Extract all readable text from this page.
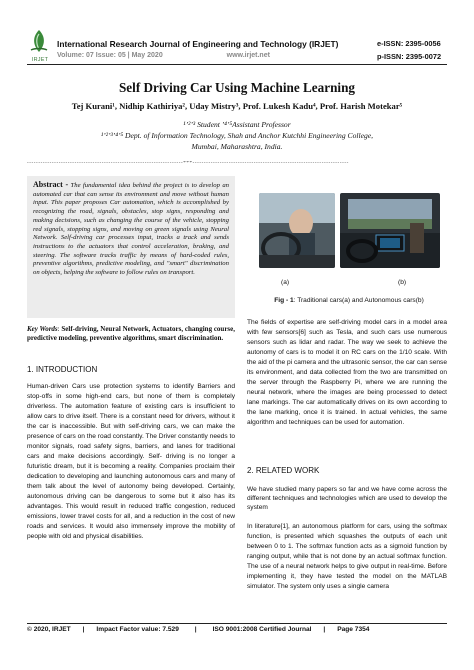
IRJET
International Research Journal of Engineering and Technology (IRJET)
Volume: 07 Issue: 05 | May 2020	www.irjet.net
e-ISSN: 2395-0056
p-ISSN: 2395-0072
Self Driving Car Using Machine Learning
Tej Kurani¹, Nidhip Kathiriya², Uday Mistry³, Prof. Lukesh Kadu⁴, Prof. Harish Motekar⁵
¹ʼ²ʼ³ Student ʼ⁴ʼ⁵Assistant Professor
¹ʼ²ʼ³ʼ⁴ʼ⁵ Dept. of Information Technology, Shah and Anchor Kutchhi Engineering College,
Mumbai, Maharashtra, India.
---------------------------------------------------------------------***---------------------------------------------------------------------

Abstract - The fundamental idea behind the project is to develop an automated car that can sense its environment and move without human input. This paper proposes Car automation, which is accomplished by recognizing the road, signals, obstacles, stop signs, responding and making decisions, such as changing the course of the vehicle, stopping red signals, stopping signs, and moving on green signals using Neural Network. Self-driving car processes input, tracks a track and sends instructions to the actuators that control acceleration, braking, and steering. The software tracks traffic by means of hard-coded rules, preventive algorithms, predictive modeling, and "smart" discrimination on objects, helping the software to follow rules on transport.

Key Words: Self-driving, Neural Network, Actuators, changing course, predictive modeling, preventive algorithms, smart discrimination.
1. INTRODUCTION
Human-driven Cars use protection systems to identify Barriers and stop-offs in some high-end cars, but none of them is completely driverless. The automation feature of existing cars is insufficient to allow cars to drive itself. There is a constant need for drivers, without it the car is inaccessible. But with self-driving cars, we can make the presence of cars on the road constantly. The Driver constantly needs to monitor signals, road safety signs, barriers, and lanes for traditional cars and make decisions accordingly. Self- driving is no longer a futuristic dream, but it is becoming a reality. Companies proclaim their dedication to developing and launching autonomous cars and many of them talk about the level of autonomy being developed. Certainly, autonomous driving can be dangerous to some but it also has its advantages. This would result in reduced traffic congestion, reduced emissions, lower travel costs for all, and a reduction in the cost of new roads and services. It would also immensely improve the mobility of people with old and physical disabilities.
(a)	(b)
Fig - 1: Traditional cars(a) and Autonomous cars(b)
The fields of expertise are self-driving model cars in a model area with few sensors[6] such as Tesla, and such cars use numerous sensors such as lidar and radar. The way we seek to achieve the autonomy of cars is to model it on RC cars on the 1/10 scale. With the aid of the pi camera and the ultrasonic sensor, the car can sense its environment, and data collected from the two are transmitted on the server through the Raspberry Pi, where we are running the neural network, where the images are being processed to detect lane markings. The car automatically drives on its own according to the lane marking, once it is trained. In actual vehicles, the same algorithm and techniques can be used for automation.
2. RELATED WORK
We have studied many papers so far and we have come across the different techniques and technologies which are used to develop the system
In literature[1], an autonomous platform for cars, using the softmax function, is presented which squashes the outputs of each unit between 0 to 1. The softmax function acts as a sigmoid function by ranging output, while that is not done by an actual softmax function. The use of a neural network helps to give output in real-time. Before implementing it, they have tested the model on the MATLAB simulator. The system only uses a single camera
© 2020, IRJET | Impact Factor value: 7.529 | ISO 9001:2008 Certified Journal | Page 7354
